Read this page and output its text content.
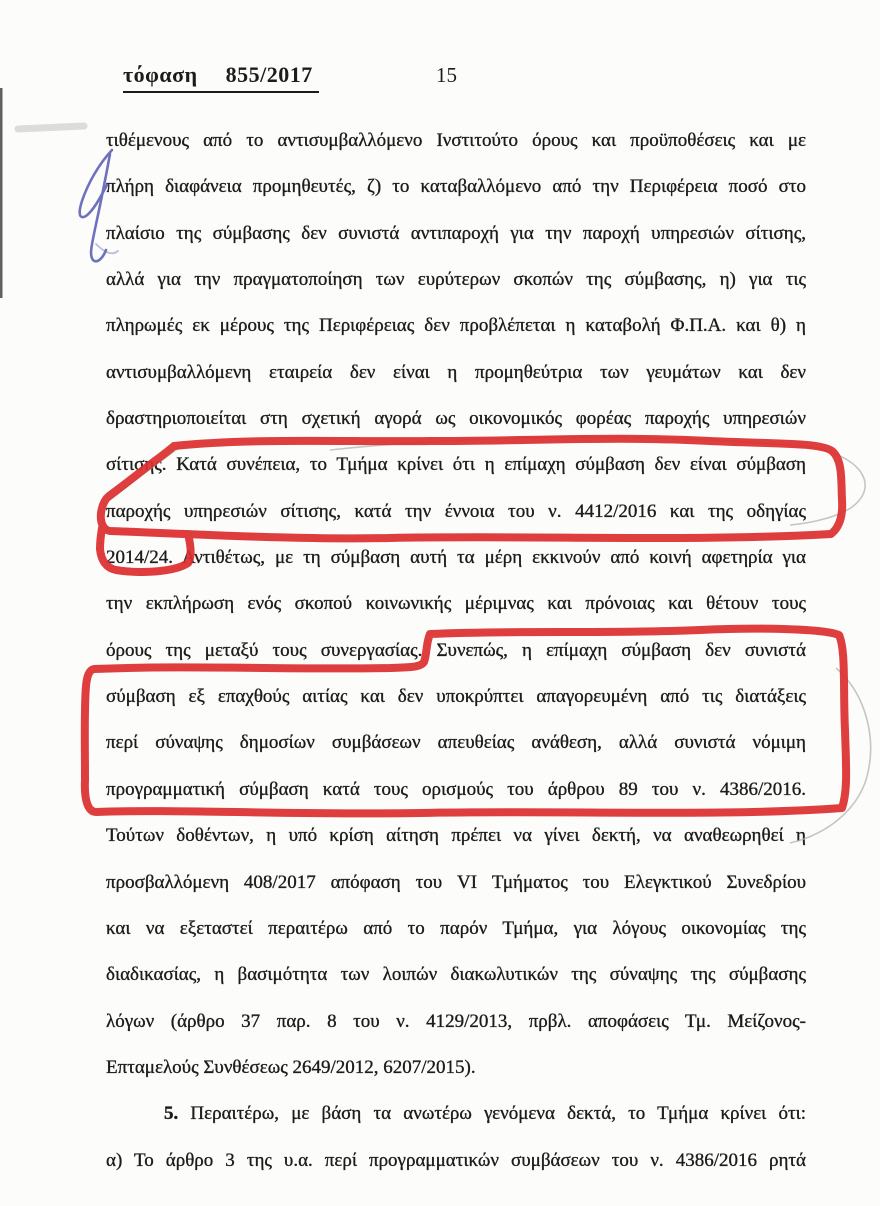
τόφαση 855/2017	15
τιθέμενους από το αντισυμβαλλόμενο Ινστιτούτο όρους και προϋποθέσεις και με
πλήρη διαφάνεια προμηθευτές, ζ) το καταβαλλόμενο από την Περιφέρεια ποσό στο
πλαίσιο της σύμβασης δεν συνιστά αντιπαροχή για την παροχή υπηρεσιών σίτισης,
αλλά για την πραγματοποίηση των ευρύτερων σκοπών της σύμβασης, η) για τις
πληρωμές εκ μέρους της Περιφέρειας δεν προβλέπεται η καταβολή Φ.Π.Α. και θ) η
αντισυμβαλλόμενη εταιρεία δεν είναι η προμηθεύτρια των γευμάτων και δεν
δραστηριοποιείται στη σχετική αγορά ως οικονομικός φορέας παροχής υπηρεσιών
σίτισης. Κατά συνέπεια, το Τμήμα κρίνει ότι η επίμαχη σύμβαση δεν είναι σύμβαση
παροχής υπηρεσιών σίτισης, κατά την έννοια του ν. 4412/2016 και της οδηγίας
2014/24. Αντιθέτως, με τη σύμβαση αυτή τα μέρη εκκινούν από κοινή αφετηρία για
την εκπλήρωση ενός σκοπού κοινωνικής μέριμνας και πρόνοιας και θέτουν τους
όρους της μεταξύ τους συνεργασίας. Συνεπώς, η επίμαχη σύμβαση δεν συνιστά
σύμβαση εξ επαχθούς αιτίας και δεν υποκρύπτει απαγορευμένη από τις διατάξεις
περί σύναψης δημοσίων συμβάσεων απευθείας ανάθεση, αλλά συνιστά νόμιμη
προγραμματική σύμβαση κατά τους ορισμούς του άρθρου 89 του ν. 4386/2016.
Τούτων δοθέντων, η υπό κρίση αίτηση πρέπει να γίνει δεκτή, να αναθεωρηθεί η
προσβαλλόμενη 408/2017 απόφαση του VI Τμήματος του Ελεγκτικού Συνεδρίου
και να εξεταστεί περαιτέρω από το παρόν Τμήμα, για λόγους οικονομίας της
διαδικασίας, η βασιμότητα των λοιπών διακωλυτικών της σύναψης της σύμβασης
λόγων (άρθρο 37 παρ. 8 του ν. 4129/2013, πρβλ. αποφάσεις Τμ. Μείζονος-
Επταμελούς Συνθέσεως 2649/2012, 6207/2015).
5. Περαιτέρω, με βάση τα ανωτέρω γενόμενα δεκτά, το Τμήμα κρίνει ότι:
α) Το άρθρο 3 της υ.α. περί προγραμματικών συμβάσεων του ν. 4386/2016 ρητά
